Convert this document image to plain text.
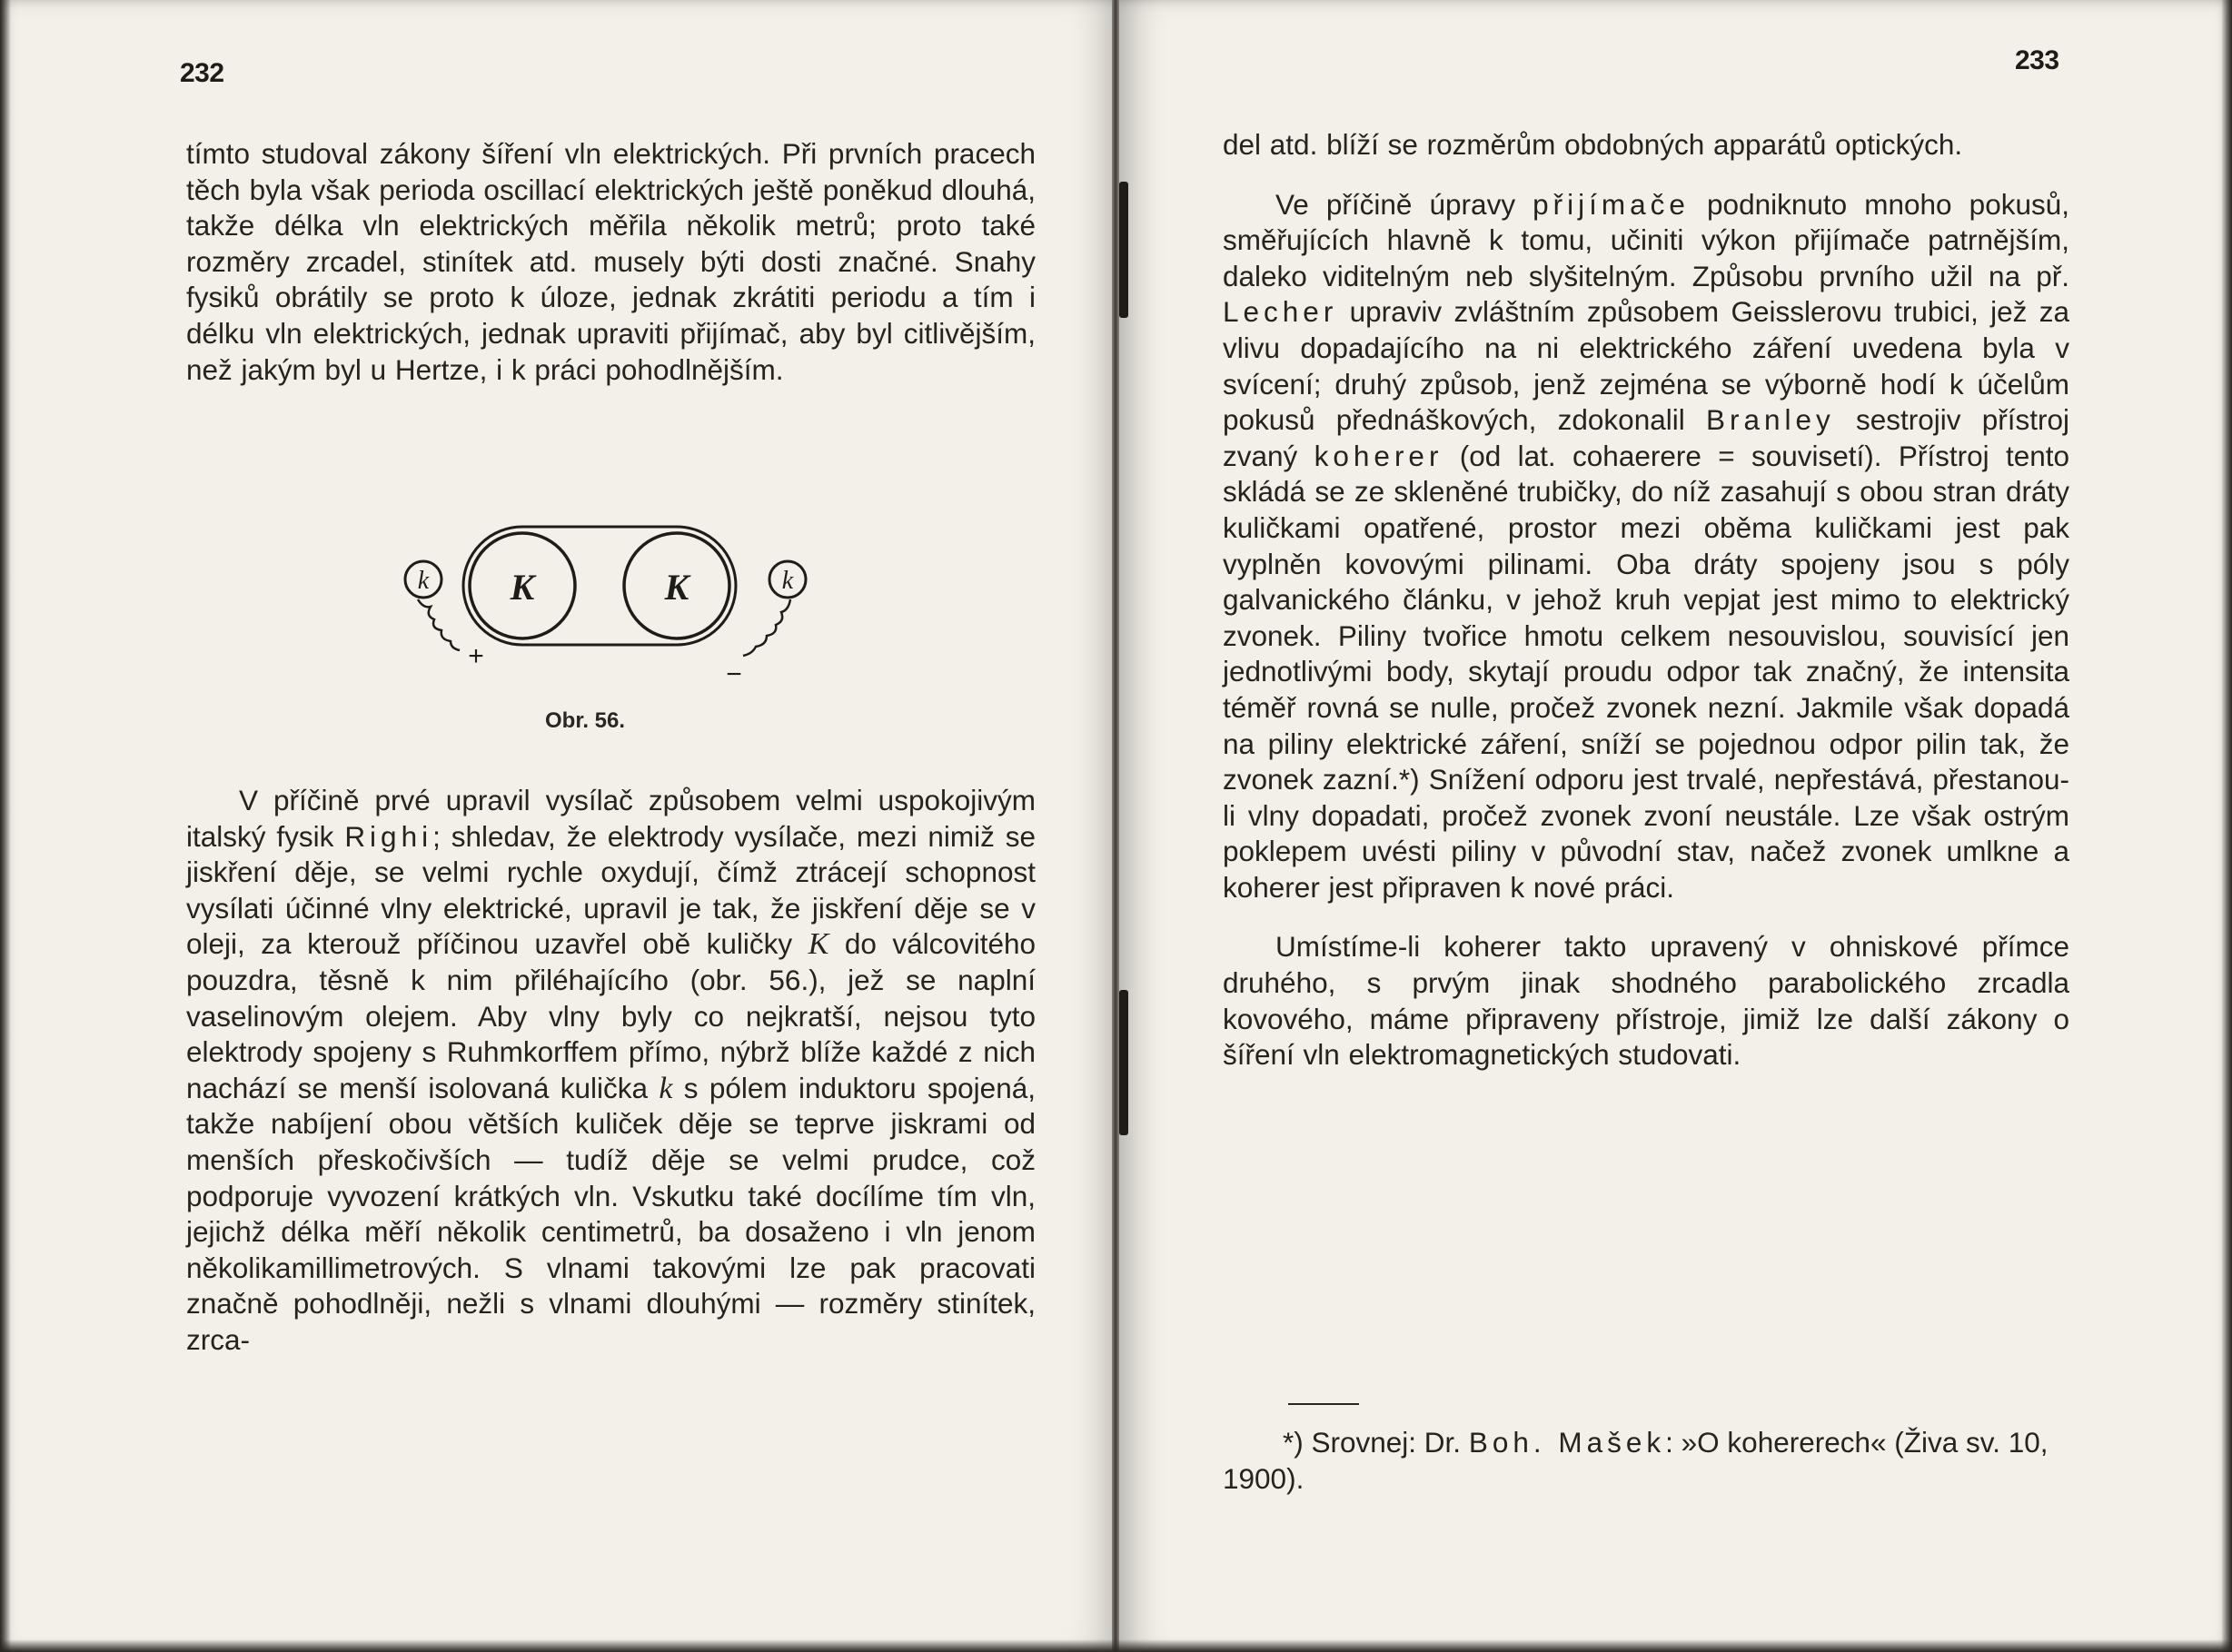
232

tímto studoval zákony šíření vln elektrických. Při prvních pracech těch byla však perioda oscillací elektrických ještě poněkud dlouhá, takže délka vln elektrických měřila několik metrů; proto také rozměry zrcadel, stinítek atd. musely býti dosti značné. Snahy fysiků obrátily se proto k úloze, jednak zkrátiti periodu a tím i délku vln elektrických, jednak upraviti přijímač, aby byl citlivějším, než jakým byl u Hertze, i k práci pohodlnějším.

K	K
k	k
+
−
Obr. 56.

V příčině prvé upravil vysílač způsobem velmi uspokojivým italský fysik Righi; shledav, že elektrody vysílače, mezi nimiž se jiskření děje, se velmi rychle oxydují, čímž ztrácejí schopnost vysílati účinné vlny elektrické, upravil je tak, že jiskření děje se v oleji, za kterouž příčinou uzavřel obě kuličky K do válcovitého pouzdra, těsně k nim přiléhajícího (obr. 56.), jež se naplní vaselinovým olejem. Aby vlny byly co nejkratší, nejsou tyto elektrody spojeny s Ruhmkorffem přímo, nýbrž blíže každé z nich nachází se menší isolovaná kulička k s pólem induktoru spojená, takže nabíjení obou větších kuliček děje se teprve jiskrami od menších přeskočivších — tudíž děje se velmi prudce, což podporuje vyvození krátkých vln. Vskutku také docílíme tím vln, jejichž délka měří několik centimetrů, ba dosaženo i vln jenom několikamillimetrových. S vlnami takovými lze pak pracovati značně pohodlněji, nežli s vlnami dlouhými — rozměry stinítek, zrca-

233

del atd. blíží se rozměrům obdobných apparátů optických.

Ve příčině úpravy přijímače podniknuto mnoho pokusů, směřujících hlavně k tomu, učiniti výkon přijímače patrnějším, daleko viditelným neb slyšitelným. Způsobu prvního užil na př. Lecher upraviv zvláštním způsobem Geisslerovu trubici, jež za vlivu dopadajícího na ni elektrického záření uvedena byla v svícení; druhý způsob, jenž zejména se výborně hodí k účelům pokusů přednáškových, zdokonalil Branley sestrojiv přístroj zvaný koherer (od lat. cohaerere = souvisetí). Přístroj tento skládá se ze skleněné trubičky, do níž zasahují s obou stran dráty kuličkami opatřené, prostor mezi oběma kuličkami jest pak vyplněn kovovými pilinami. Oba dráty spojeny jsou s póly galvanického článku, v jehož kruh vepjat jest mimo to elektrický zvonek. Piliny tvořice hmotu celkem nesouvislou, souvisící jen jednotlivými body, skytají proudu odpor tak značný, že intensita téměř rovná se nulle, pročež zvonek nezní. Jakmile však dopadá na piliny elektrické záření, sníží se pojednou odpor pilin tak, že zvonek zazní.*) Snížení odporu jest trvalé, nepřestává, přestanou-li vlny dopadati, pročež zvonek zvoní neustále. Lze však ostrým poklepem uvésti piliny v původní stav, načež zvonek umlkne a koherer jest připraven k nové práci.

Umístíme-li koherer takto upravený v ohniskové přímce druhého, s prvým jinak shodného parabolického zrcadla kovového, máme připraveny přístroje, jimiž lze další zákony o šíření vln elektromagnetických studovati.

*) Srovnej: Dr. Boh. Mašek: »O kohererech« (Živa sv. 10, 1900).
